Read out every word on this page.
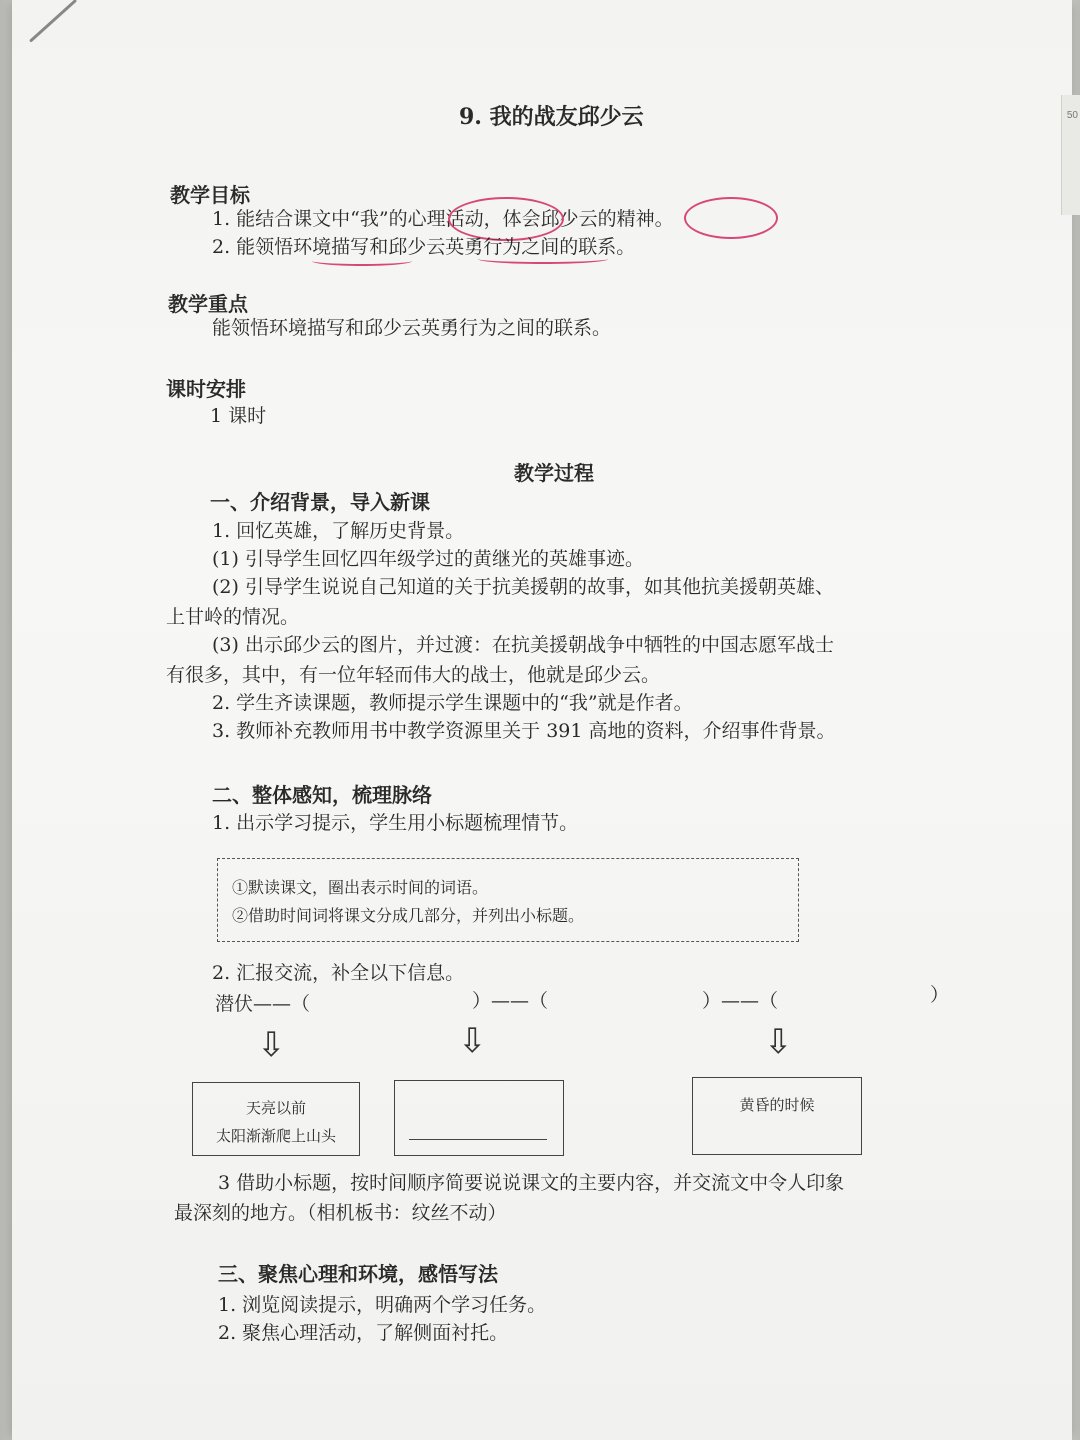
9. 我的战友邱少云
教学目标
1. 能结合课文中“我”的心理活动，体会邱少云的精神。
2. 能领悟环境描写和邱少云英勇行为之间的联系。
教学重点
能领悟环境描写和邱少云英勇行为之间的联系。
课时安排
1 课时
教学过程
一、介绍背景，导入新课
1. 回忆英雄，了解历史背景。
(1) 引导学生回忆四年级学过的黄继光的英雄事迹。
(2) 引导学生说说自己知道的关于抗美援朝的故事，如其他抗美援朝英雄、
上甘岭的情况。
(3) 出示邱少云的图片，并过渡：在抗美援朝战争中牺牲的中国志愿军战士
有很多，其中，有一位年轻而伟大的战士，他就是邱少云。
2. 学生齐读课题，教师提示学生课题中的“我”就是作者。
3. 教师补充教师用书中教学资源里关于 391 高地的资料，介绍事件背景。
二、整体感知，梳理脉络
1. 出示学习提示，学生用小标题梳理情节。
①默读课文，圈出表示时间的词语。
②借助时间词将课文分成几部分，并列出小标题。
2. 汇报交流，补全以下信息。
潜伏——（	）——（	）——（	）
⇩	⇩	⇩
天亮以前
太阳渐渐爬上山头
黄昏的时候
3 借助小标题，按时间顺序简要说说课文的主要内容，并交流文中令人印象
最深刻的地方。（相机板书：纹丝不动）
三、聚焦心理和环境，感悟写法
1. 浏览阅读提示，明确两个学习任务。
2. 聚焦心理活动，了解侧面衬托。
50
